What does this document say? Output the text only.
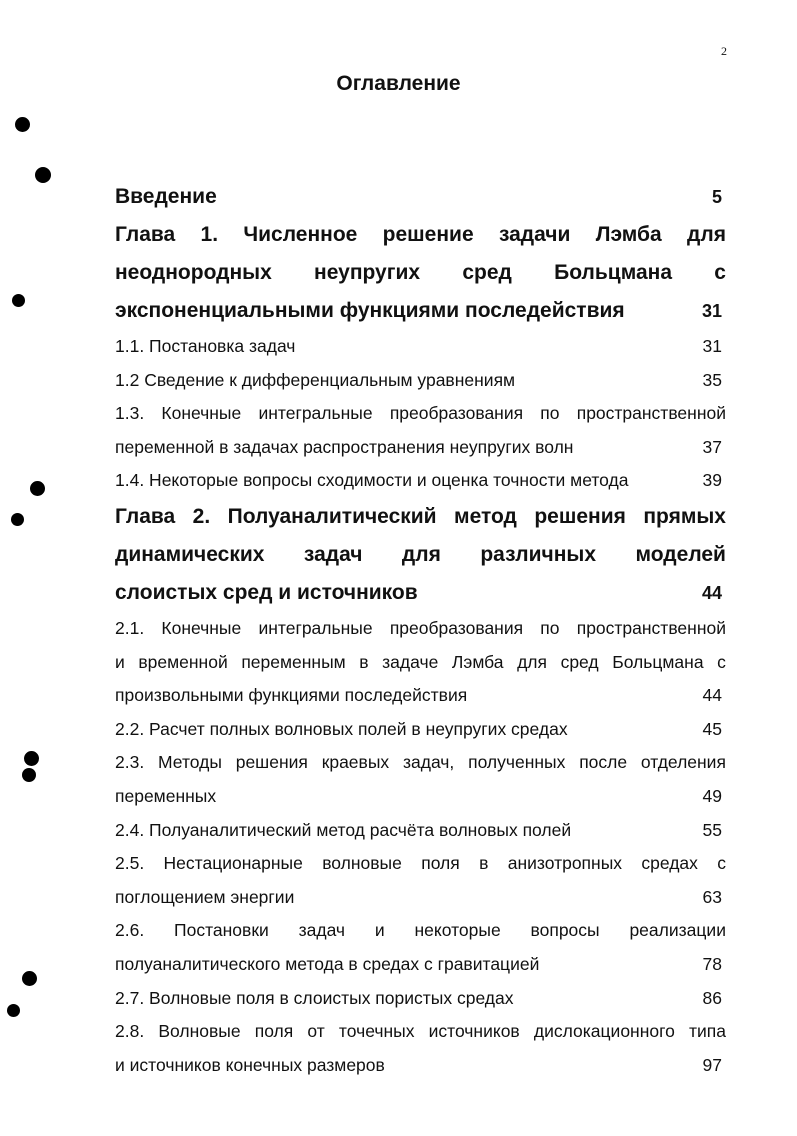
2
Оглавление
Введение	5
Глава 1. Численное решение задачи Лэмба для
неоднородных неупругих сред Больцмана с
экспоненциальными функциями последействия	31
1.1. Постановка задач	31
1.2 Сведение к дифференциальным уравнениям	35
1.3. Конечные интегральные преобразования по пространственной
переменной в задачах распространения неупругих волн	37
1.4. Некоторые вопросы сходимости и оценка точности метода	39
Глава 2. Полуаналитический метод решения прямых
динамических задач для различных моделей
слоистых сред и источников	44
2.1. Конечные интегральные преобразования по пространственной
и временной переменным в задаче Лэмба для сред Больцмана с
произвольными функциями последействия	44
2.2. Расчет полных волновых полей в неупругих средах	45
2.3. Методы решения краевых задач, полученных после отделения
переменных	49
2.4. Полуаналитический метод расчёта волновых полей	55
2.5. Нестационарные волновые поля в анизотропных средах с
поглощением энергии	63
2.6. Постановки задач и некоторые вопросы реализации
полуаналитического метода в средах с гравитацией	78
2.7. Волновые поля в слоистых пористых средах	86
2.8. Волновые поля от точечных источников дислокационного типа
и источников конечных размеров	97
